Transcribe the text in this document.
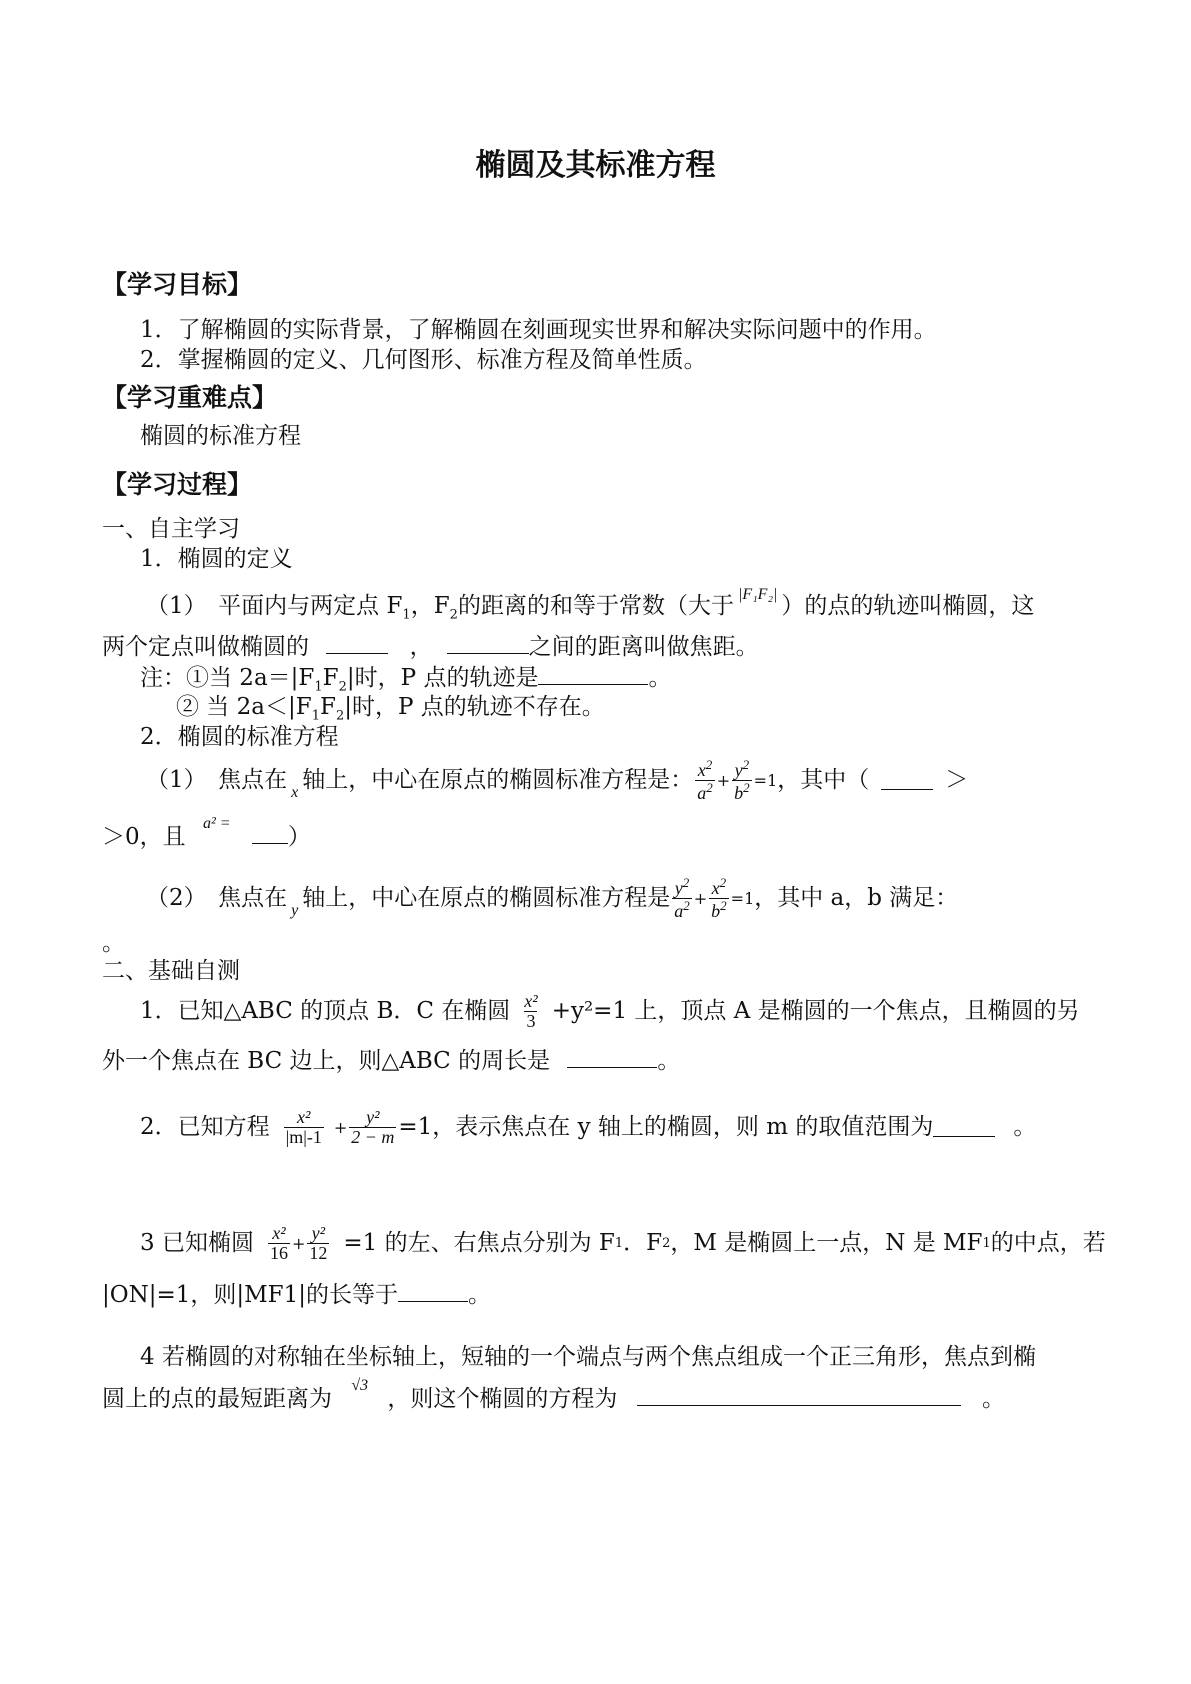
椭圆及其标准方程
【学习目标】
1．了解椭圆的实际背景，了解椭圆在刻画现实世界和解决实际问题中的作用。
2．掌握椭圆的定义、几何图形、标准方程及简单性质。
【学习重难点】
椭圆的标准方程
【学习过程】
一、自主学习
1．椭圆的定义
（1）　平面内与两定点 $F_1$，$F_2$的距离的和等于常数（大于 $^{|F_1F_2|}$ ）的点的轨迹叫椭圆，这
两个定点叫做椭圆的	，	之间的距离叫做焦距。
注：①当 $2a=|F_1F_2|$时，P 点的轨迹是	。
② 当 $2a<|F_1F_2|$时，P 点的轨迹不存在。
2．椭圆的标准方程
（1）　焦点在 x 轴上，中心在原点的椭圆标准方程是： $\frac{x^2}{a^2} + \frac{y^2}{b^2} =1$ ，其中（	＞
＞0，且 $^{a^2 =}$ ）
（2）　焦点在 y 轴上，中心在原点的椭圆标准方程是 $\frac{y^2}{a^2} + \frac{x^2}{b^2} =1$ ，其中 a，b 满足：
。
二、基础自测
1．已知△ABC 的顶点 B．C 在椭圆 $\frac{\text{x²}}{3} +y^2=1$ 上，顶点 A 是椭圆的一个焦点，且椭圆的另
外一个焦点在 BC 边上，则△ABC 的周长是	。
2．已知方程 $\frac{\text{x²}}{|m|-1} + \frac{\text{y²}}{2 - m} =1$，表示焦点在 y 轴上的椭圆，则 m 的取值范围为	。
3 已知椭圆 $\frac{\text{x²}}{16} + \frac{\text{y²}}{12} =1$ 的左、右焦点分别为 F 1 ．F 2 ，M 是椭圆上一点，N 是 MF 1 的中点，若
|ON|=1，则|MF1|的长等于	。
4 若椭圆的对称轴在坐标轴上，短轴的一个端点与两个焦点组成一个正三角形，焦点到椭
圆上的点的最短距离为 $^{√3}$ ，则这个椭圆的方程为	。
